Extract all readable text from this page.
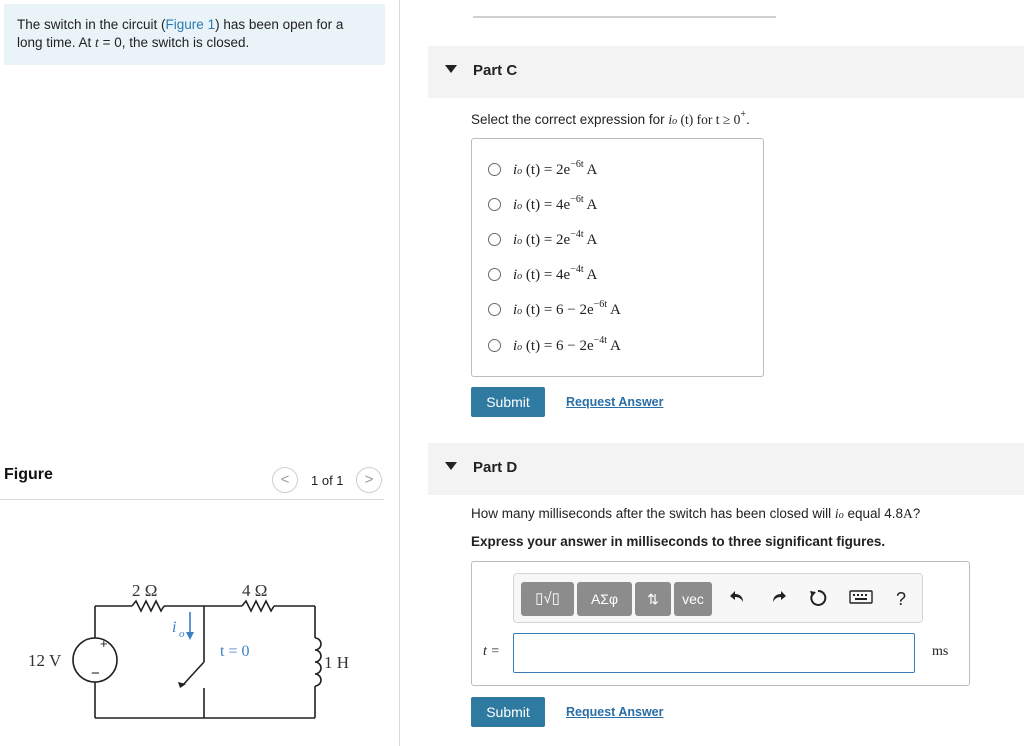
The switch in the circuit (Figure 1) has been open for a long time. At t = 0, the switch is closed.
Figure	<	1 of 1	>
+
−
12 V
2 Ω	4 Ω
1 H
i o
t = 0
Part C
Select the correct expression for io (t) for t ≥ 0+.
io $(t) = 2e^{-6t}$ A
io $(t) = 4e^{-6t}$ A
io $(t) = 2e^{-4t}$ A
io $(t) = 4e^{-4t}$ A
io $(t) = 6 - 2e^{-6t}$ A
io $(t) = 6 - 2e^{-4t}$ A
Submit	Request Answer
Part D
How many milliseconds after the switch has been closed will io equal 4.8A?
Express your answer in milliseconds to three significant figures.
▯√▯	ΑΣφ	⇅	vec	?
t =	ms
Submit	Request Answer
